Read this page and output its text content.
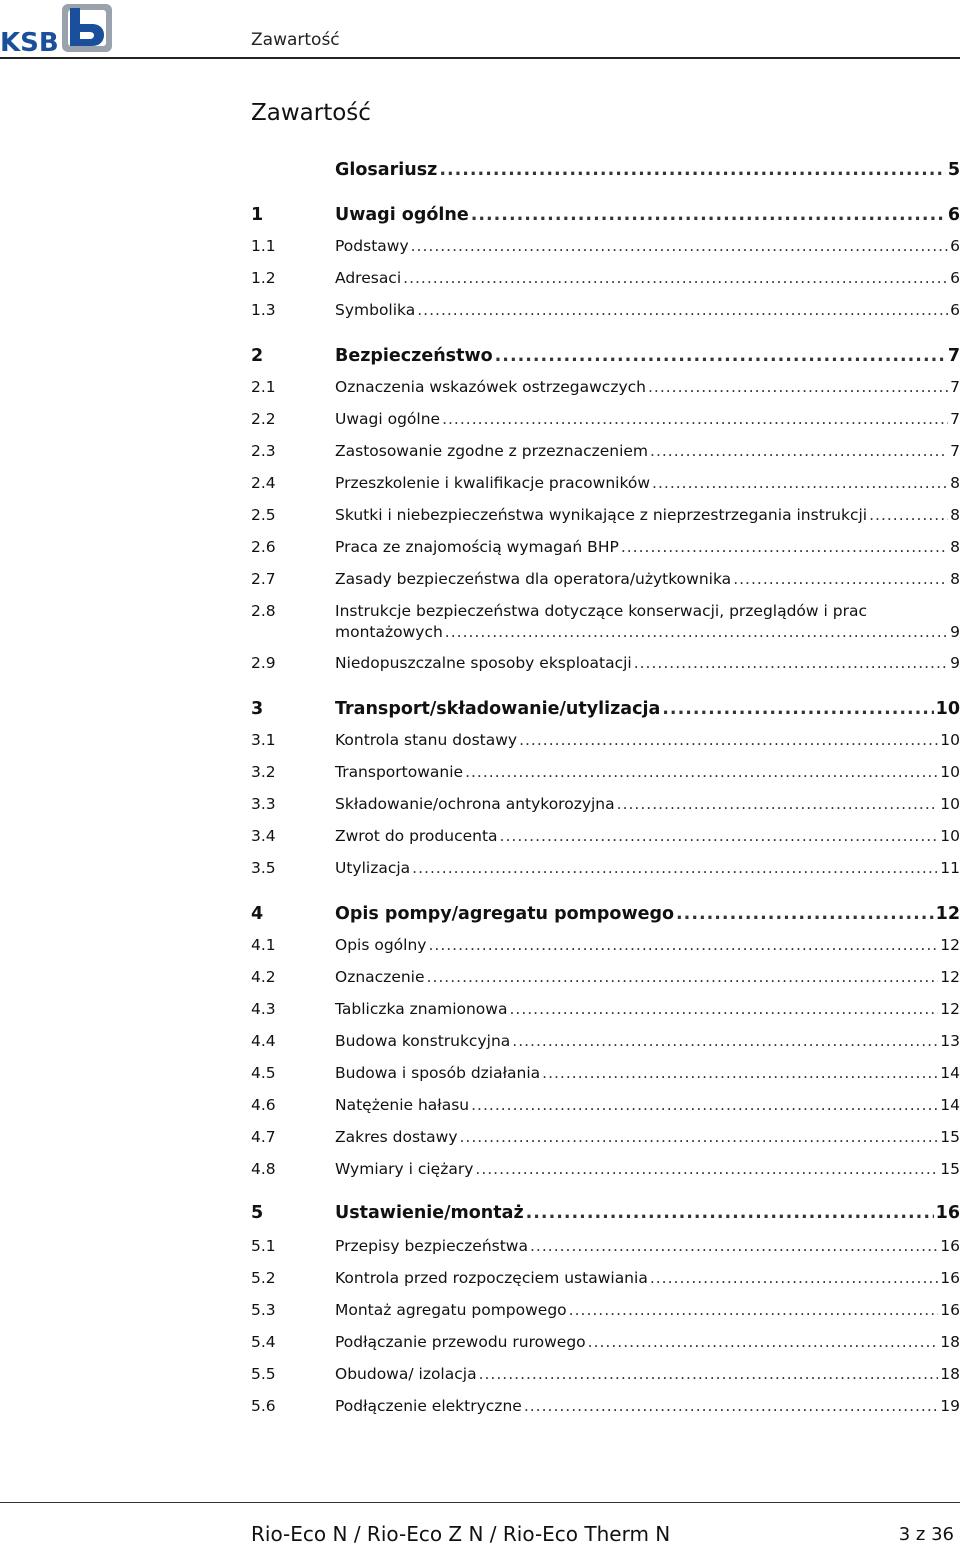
KSB	Zawartość
Zawartość
Glosariusz .....	5
1	Uwagi ogólne .....	6
1.1	Podstawy .....	6
1.2	Adresaci .....	6
1.3	Symbolika .....	6
2	Bezpieczeństwo .....	7
2.1	Oznaczenia wskazówek ostrzegawczych .....	7
2.2	Uwagi ogólne .....	7
2.3	Zastosowanie zgodne z przeznaczeniem .....	7
2.4	Przeszkolenie i kwalifikacje pracowników .....	8
2.5	Skutki i niebezpieczeństwa wynikające z nieprzestrzegania instrukcji .....	8
2.6	Praca ze znajomością wymagań BHP .....	8
2.7	Zasady bezpieczeństwa dla operatora/użytkownika .....	8
2.8	Instrukcje bezpieczeństwa dotyczące konserwacji, przeglądów i prac
montażowych .....	9
2.9	Niedopuszczalne sposoby eksploatacji .....	9
3	Transport/składowanie/utylizacja .....	10
3.1	Kontrola stanu dostawy .....	10
3.2	Transportowanie .....	10
3.3	Składowanie/ochrona antykorozyjna .....	10
3.4	Zwrot do producenta .....	10
3.5	Utylizacja .....	11
4	Opis pompy/agregatu pompowego .....	12
4.1	Opis ogólny .....	12
4.2	Oznaczenie .....	12
4.3	Tabliczka znamionowa .....	12
4.4	Budowa konstrukcyjna .....	13
4.5	Budowa i sposób działania .....	14
4.6	Natężenie hałasu .....	14
4.7	Zakres dostawy .....	15
4.8	Wymiary i ciężary .....	15
5	Ustawienie/montaż .....	16
5.1	Przepisy bezpieczeństwa .....	16
5.2	Kontrola przed rozpoczęciem ustawiania .....	16
5.3	Montaż agregatu pompowego .....	16
5.4	Podłączanie przewodu rurowego .....	18
5.5	Obudowa/ izolacja .....	18
5.6	Podłączenie elektryczne .....	19
Rio-Eco N / Rio-Eco Z N / Rio-Eco Therm N	3 z 36
